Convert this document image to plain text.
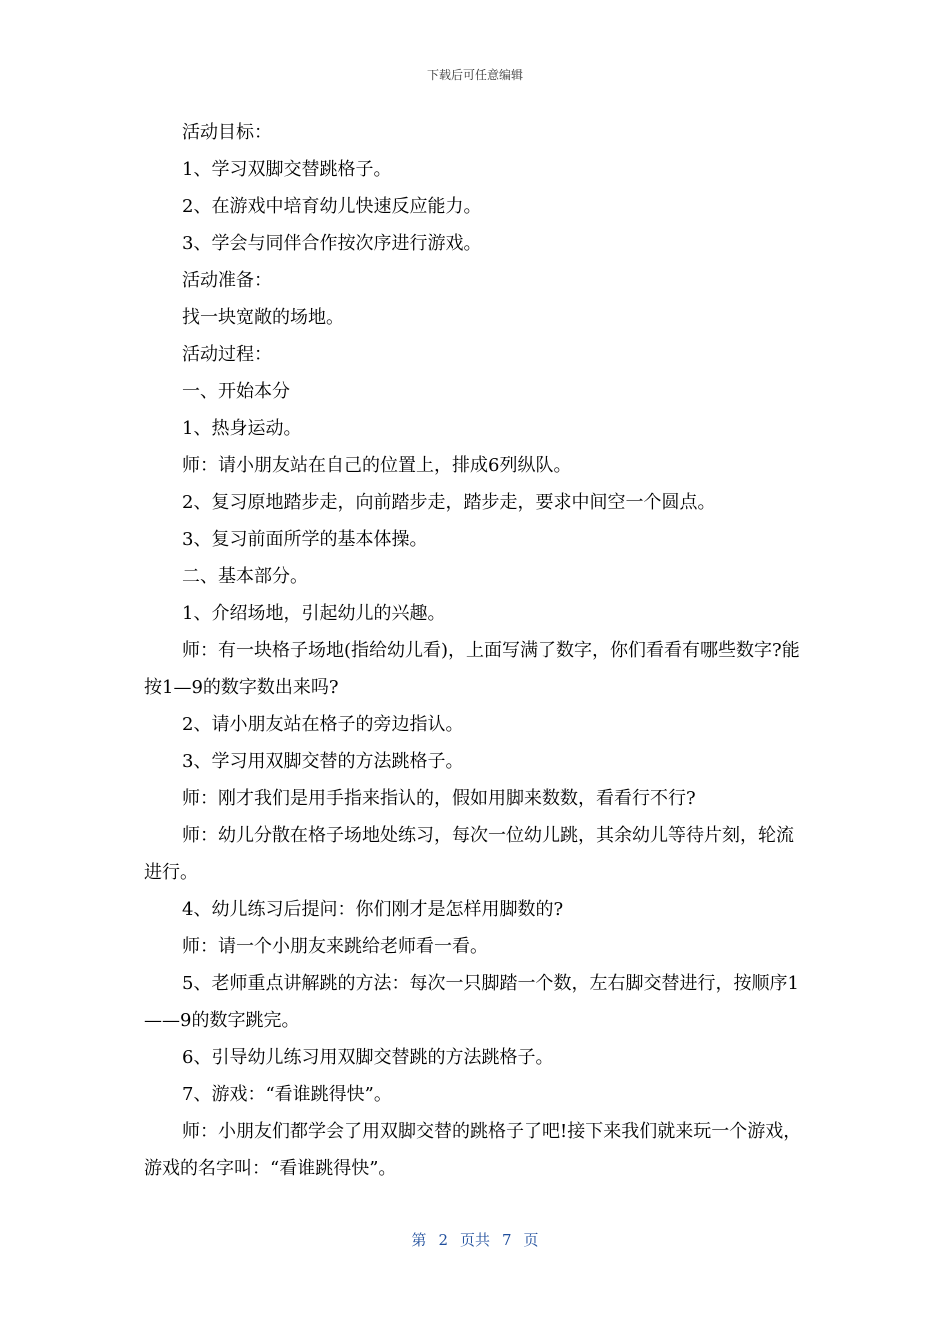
下载后可任意编辑

活动目标：

1、学习双脚交替跳格子。

2、在游戏中培育幼儿快速反应能力。

3、学会与同伴合作按次序进行游戏。

活动准备：

找一块宽敞的场地。

活动过程：

一、开始本分

1、热身运动。

师：请小朋友站在自己的位置上，排成6列纵队。

2、复习原地踏步走，向前踏步走，踏步走，要求中间空一个圆点。

3、复习前面所学的基本体操。

二、基本部分。

1、介绍场地，引起幼儿的兴趣。

师：有一块格子场地(指给幼儿看)，上面写满了数字，你们看看有哪些数字?能按1—9的数字数出来吗?

2、请小朋友站在格子的旁边指认。

3、学习用双脚交替的方法跳格子。

师：刚才我们是用手指来指认的，假如用脚来数数，看看行不行?

师：幼儿分散在格子场地处练习，每次一位幼儿跳，其余幼儿等待片刻，轮流进行。

4、幼儿练习后提问：你们刚才是怎样用脚数的?

师：请一个小朋友来跳给老师看一看。

5、老师重点讲解跳的方法：每次一只脚踏一个数，左右脚交替进行，按顺序1——9的数字跳完。

6、引导幼儿练习用双脚交替跳的方法跳格子。

7、游戏：“看谁跳得快”。

师：小朋友们都学会了用双脚交替的跳格子了吧!接下来我们就来玩一个游戏，游戏的名字叫：“看谁跳得快”。

第 2 页共 7 页
